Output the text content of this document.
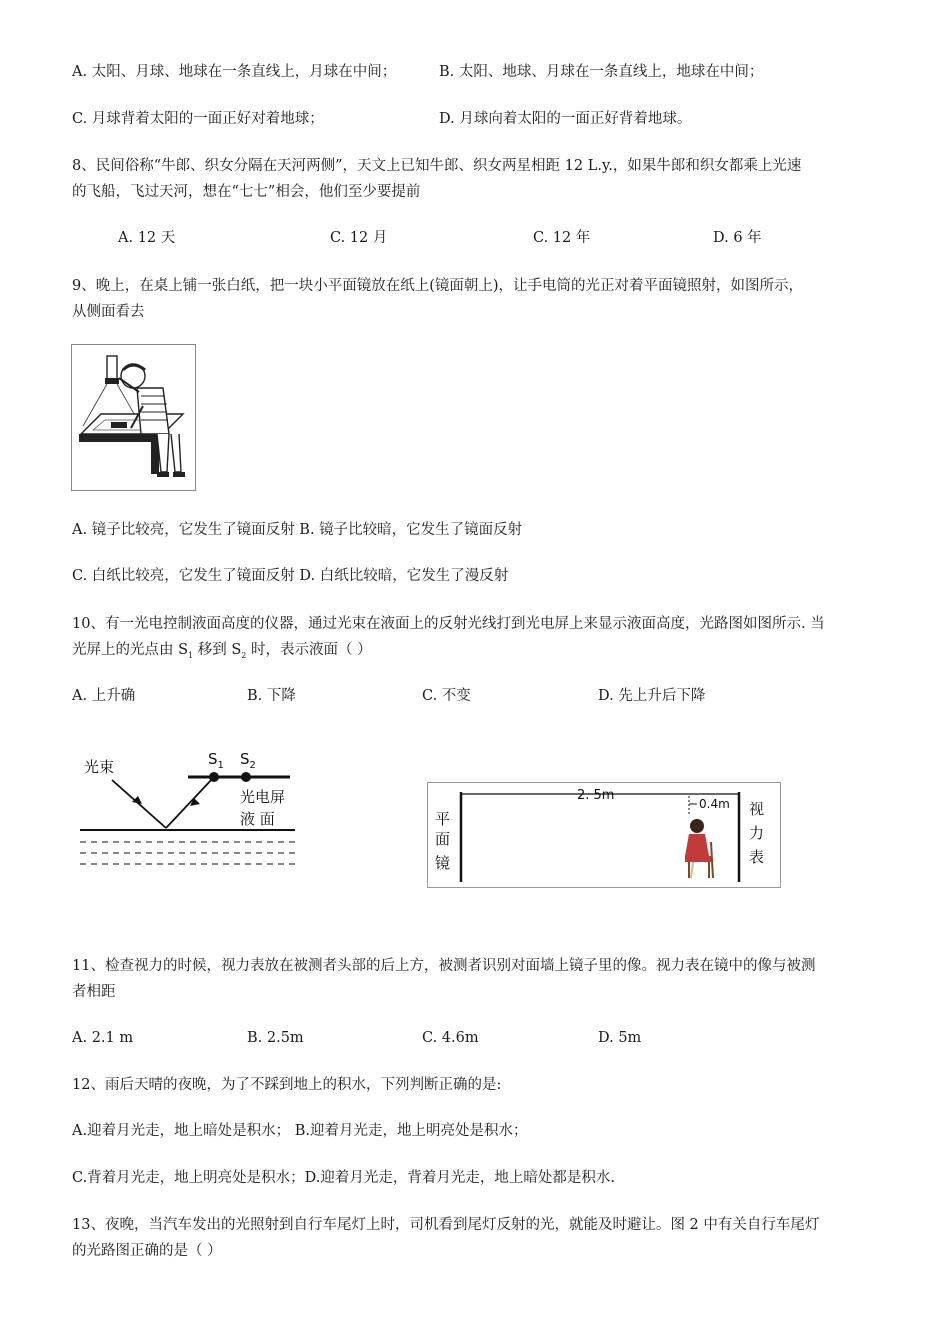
A. 太阳、月球、地球在一条直线上，月球在中间；	B. 太阳、地球、月球在一条直线上，地球在中间；
C. 月球背着太阳的一面正好对着地球；	D. 月球向着太阳的一面正好背着地球。
8、民间俗称“牛郎、织女分隔在天河两侧”，天文上已知牛郎、织女两星相距 12 L.y.，如果牛郎和织女都乘上光速
的飞船，飞过天河，想在“七七”相会，他们至少要提前
A. 12 天	C. 12 月	C. 12 年	D. 6 年
9、晚上，在桌上铺一张白纸，把一块小平面镜放在纸上(镜面朝上)，让手电筒的光正对着平面镜照射，如图所示，
从侧面看去
A. 镜子比较亮，它发生了镜面反射 B. 镜子比较暗，它发生了镜面反射
C. 白纸比较亮，它发生了镜面反射 D. 白纸比较暗，它发生了漫反射
10、有一光电控制液面高度的仪器，通过光束在液面上的反射光线打到光电屏上来显示液面高度，光路图如图所示. 当
光屏上的光点由 $S_1$ 移到 $S_2$ 时，表示液面（ ）
A. 上升确	B. 下降	C. 不变	D. 先上升后下降
光束	$S_1$ $S_2$
光电屏
液 面
2. 5m
0.4m
平
面
镜
视
力
表
11、检查视力的时候，视力表放在被测者头部的后上方，被测者识别对面墙上镜子里的像。视力表在镜中的像与被测
者相距
A. 2.1 m	B. 2.5m	C. 4.6m	D. 5m
12、雨后天晴的夜晚，为了不踩到地上的积水，下列判断正确的是:
A.迎着月光走，地上暗处是积水； B.迎着月光走，地上明亮处是积水；
C.背着月光走，地上明亮处是积水；D.迎着月光走，背着月光走，地上暗处都是积水.
13、夜晚，当汽车发出的光照射到自行车尾灯上时，司机看到尾灯反射的光，就能及时避让。图 2 中有关自行车尾灯
的光路图正确的是（ ）
